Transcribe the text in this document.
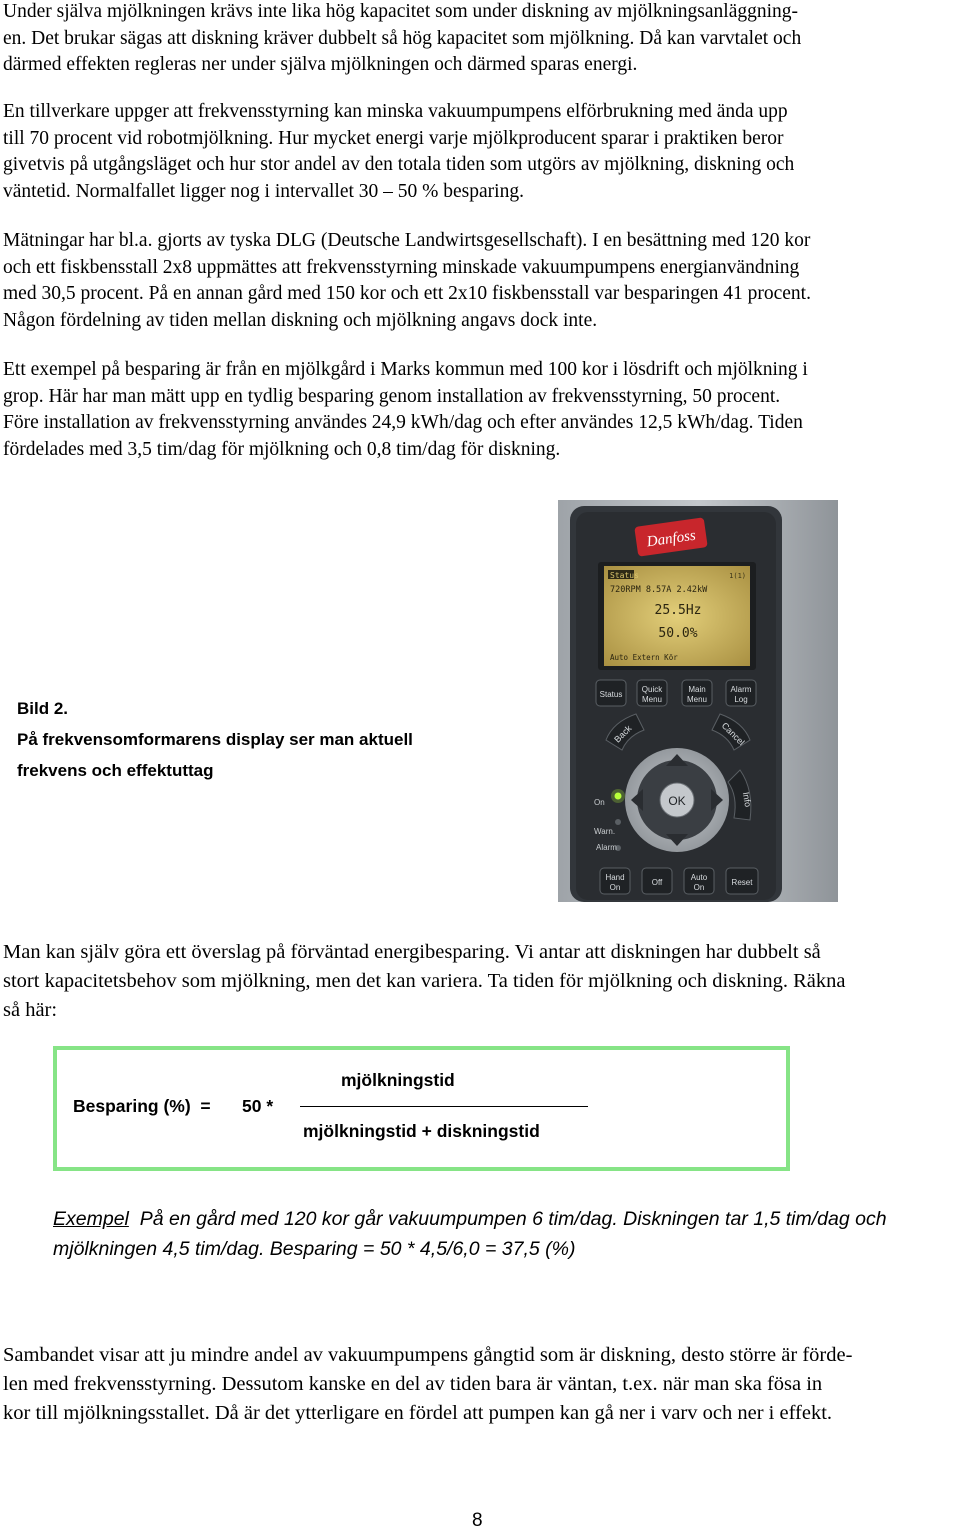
Under själva mjölkningen krävs inte lika hög kapacitet som under diskning av mjölkningsanläggning-
en. Det brukar sägas att diskning kräver dubbelt så hög kapacitet som mjölkning. Då kan varvtalet och
därmed effekten regleras ner under själva mjölkningen och därmed sparas energi.
En tillverkare uppger att frekvensstyrning kan minska vakuumpumpens elförbrukning med ända upp
till 70 procent vid robotmjölkning. Hur mycket energi varje mjölkproducent sparar i praktiken beror
givetvis på utgångsläget och hur stor andel av den totala tiden som utgörs av mjölkning, diskning och
väntetid. Normalfallet ligger nog i intervallet 30 – 50 % besparing.
Mätningar har bl.a. gjorts av tyska DLG (Deutsche Landwirtsgesellschaft). I en besättning med 120 kor
och ett fiskbensstall 2x8 uppmättes att frekvensstyrning minskade vakuumpumpens energianvändning
med 30,5 procent. På en annan gård med 150 kor och ett 2x10 fiskbensstall var besparingen 41 procent.
Någon fördelning av tiden mellan diskning och mjölkning angavs dock inte.
Ett exempel på besparing är från en mjölkgård i Marks kommun med 100 kor i lösdrift och mjölkning i
grop. Här har man mätt upp en tydlig besparing genom installation av frekvensstyrning, 50 procent.
Före installation av frekvensstyrning användes 24,9 kWh/dag och efter användes 12,5 kWh/dag. Tiden
fördelades med 3,5 tim/dag för mjölkning och 0,8 tim/dag för diskning.
Bild 2.
På frekvensomformarens display ser man aktuell
frekvens och effektuttag
Danfoss
Status	1(1)
720RPM 8.57A 2.42kW
25.5Hz
50.0%
Auto Extern Kör
Status
Quick
Menu
Main
Menu
Alarm
Log
Back	Cancel
OK	Info
On
Warn.
Alarm
Hand
On
Off
Auto
On
Reset
Man kan själv göra ett överslag på förväntad energibesparing. Vi antar att diskningen har dubbelt så
stort kapacitetsbehov som mjölkning, men det kan variera. Ta tiden för mjölkning och diskning. Räkna
så här:
Besparing (%) = 50 *
mjölkningstid
mjölkningstid + diskningstid
Exempel På en gård med 120 kor går vakuumpumpen 6 tim/dag. Diskningen tar 1,5 tim/dag och
mjölkningen 4,5 tim/dag. Besparing = 50 * 4,5/6,0 = 37,5 (%)
Sambandet visar att ju mindre andel av vakuumpumpens gångtid som är diskning, desto större är förde-
len med frekvensstyrning. Dessutom kanske en del av tiden bara är väntan, t.ex. när man ska fösa in
kor till mjölkningsstallet. Då är det ytterligare en fördel att pumpen kan gå ner i varv och ner i effekt.
8
